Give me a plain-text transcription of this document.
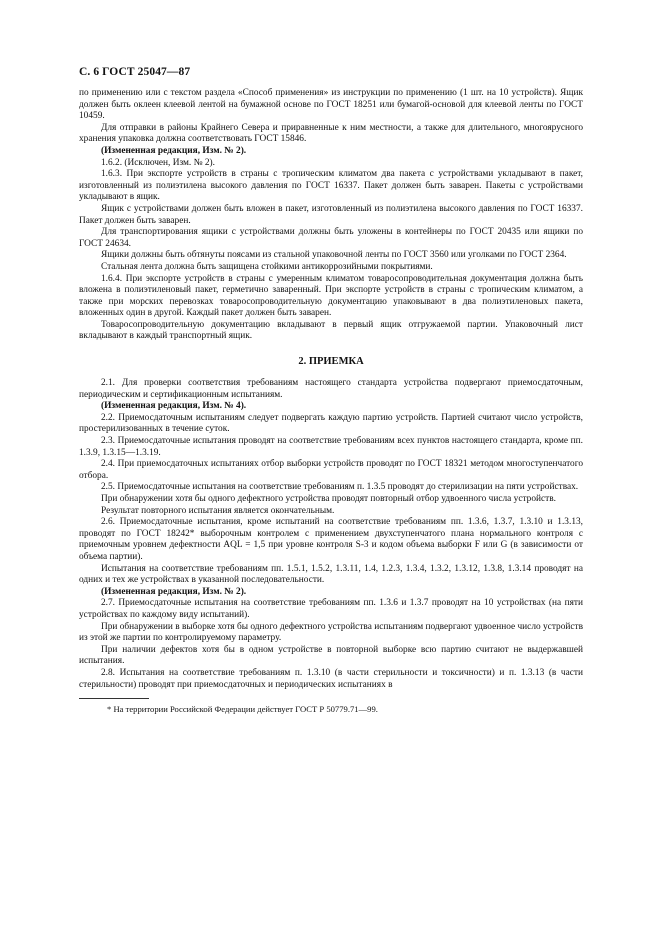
С. 6 ГОСТ 25047—87

по применению или с текстом раздела «Способ применения» из инструкции по применению (1 шт. на 10 устройств). Ящик должен быть оклеен клеевой лентой на бумажной основе по ГОСТ 18251 или бумагой-основой для клеевой ленты по ГОСТ 10459.

Для отправки в районы Крайнего Севера и приравненные к ним местности, а также для длительного, многоярусного хранения упаковка должна соответствовать ГОСТ 15846.

(Измененная редакция, Изм. № 2).

1.6.2. (Исключен, Изм. № 2).

1.6.3. При экспорте устройств в страны с тропическим климатом два пакета с устройствами укладывают в пакет, изготовленный из полиэтилена высокого давления по ГОСТ 16337. Пакет должен быть заварен. Пакеты с устройствами укладывают в ящик.

Ящик с устройствами должен быть вложен в пакет, изготовленный из полиэтилена высокого давления по ГОСТ 16337. Пакет должен быть заварен.

Для транспортирования ящики с устройствами должны быть уложены в контейнеры по ГОСТ 20435 или ящики по ГОСТ 24634.

Ящики должны быть обтянуты поясами из стальной упаковочной ленты по ГОСТ 3560 или уголками по ГОСТ 2364.

Стальная лента должна быть защищена стойкими антикоррозийными покрытиями.

1.6.4. При экспорте устройств в страны с умеренным климатом товаросопроводительная документация должна быть вложена в полиэтиленовый пакет, герметично заваренный. При экспорте устройств в страны с тропическим климатом, а также при морских перевозках товаросопроводительную документацию упаковывают в два полиэтиленовых пакета, вложенных один в другой. Каждый пакет должен быть заварен.

Товаросопроводительную документацию вкладывают в первый ящик отгружаемой партии. Упаковочный лист вкладывают в каждый транспортный ящик.

2. ПРИЕМКА

2.1. Для проверки соответствия требованиям настоящего стандарта устройства подвергают приемосдаточным, периодическим и сертификационным испытаниям.

(Измененная редакция, Изм. № 4).

2.2. Приемосдаточным испытаниям следует подвергать каждую партию устройств. Партией считают число устройств, простерилизованных в течение суток.

2.3. Приемосдаточные испытания проводят на соответствие требованиям всех пунктов настоящего стандарта, кроме пп. 1.3.9, 1.3.15—1.3.19.

2.4. При приемосдаточных испытаниях отбор выборки устройств проводят по ГОСТ 18321 методом многоступенчатого отбора.

2.5. Приемосдаточные испытания на соответствие требованиям п. 1.3.5 проводят до стерилизации на пяти устройствах.

При обнаружении хотя бы одного дефектного устройства проводят повторный отбор удвоенного числа устройств.

Результат повторного испытания является окончательным.

2.6. Приемосдаточные испытания, кроме испытаний на соответствие требованиям пп. 1.3.6, 1.3.7, 1.3.10 и 1.3.13, проводят по ГОСТ 18242* выборочным контролем с применением двухступенчатого плана нормального контроля с приемочным уровнем дефектности AQL = 1,5 при уровне контроля S-3 и кодом объема выборки F или G (в зависимости от объема партии).

Испытания на соответствие требованиям пп. 1.5.1, 1.5.2, 1.3.11, 1.4, 1.2.3, 1.3.4, 1.3.2, 1.3.12, 1.3.8, 1.3.14 проводят на одних и тех же устройствах в указанной последовательности.

(Измененная редакция, Изм. № 2).

2.7. Приемосдаточные испытания на соответствие требованиям пп. 1.3.6 и 1.3.7 проводят на 10 устройствах (на пяти устройствах по каждому виду испытаний).

При обнаружении в выборке хотя бы одного дефектного устройства испытаниям подвергают удвоенное число устройств из этой же партии по контролируемому параметру.

При наличии дефектов хотя бы в одном устройстве в повторной выборке всю партию считают не выдержавшей испытания.

2.8. Испытания на соответствие требованиям п. 1.3.10 (в части стерильности и токсичности) и п. 1.3.13 (в части стерильности) проводят при приемосдаточных и периодических испытаниях в

* На территории Российской Федерации действует ГОСТ Р 50779.71—99.
